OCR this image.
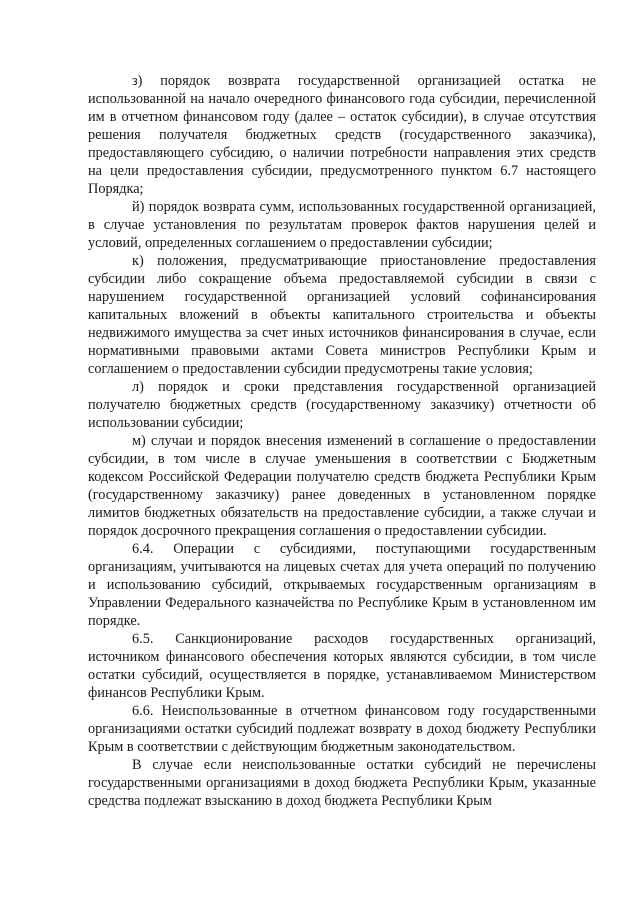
з) порядок возврата государственной организацией остатка не использованной на начало очередного финансового года субсидии, перечисленной им в отчетном финансовом году (далее – остаток субсидии), в случае отсутствия решения получателя бюджетных средств (государственного заказчика), предоставляющего субсидию, о наличии потребности направления этих средств на цели предоставления субсидии, предусмотренного пунктом 6.7 настоящего Порядка;

й) порядок возврата сумм, использованных государственной организацией, в случае установления по результатам проверок фактов нарушения целей и условий, определенных соглашением о предоставлении субсидии;

к) положения, предусматривающие приостановление предоставления субсидии либо сокращение объема предоставляемой субсидии в связи с нарушением государственной организацией условий софинансирования капитальных вложений в объекты капитального строительства и объекты недвижимого имущества за счет иных источников финансирования в случае, если нормативными правовыми актами Совета министров Республики Крым и соглашением о предоставлении субсидии предусмотрены такие условия;

л) порядок и сроки представления государственной организацией получателю бюджетных средств (государственному заказчику) отчетности об использовании субсидии;

м) случаи и порядок внесения изменений в соглашение о предоставлении субсидии, в том числе в случае уменьшения в соответствии с Бюджетным кодексом Российской Федерации получателю средств бюджета Республики Крым (государственному заказчику) ранее доведенных в установленном порядке лимитов бюджетных обязательств на предоставление субсидии, а также случаи и порядок досрочного прекращения соглашения о предоставлении субсидии.

6.4. Операции с субсидиями, поступающими государственным организациям, учитываются на лицевых счетах для учета операций по получению и использованию субсидий, открываемых государственным организациям в Управлении Федерального казначейства по Республике Крым в установленном им порядке.

6.5. Санкционирование расходов государственных организаций, источником финансового обеспечения которых являются субсидии, в том числе остатки субсидий, осуществляется в порядке, устанавливаемом Министерством финансов Республики Крым.

6.6. Неиспользованные в отчетном финансовом году государственными организациями остатки субсидий подлежат возврату в доход бюджету Республики Крым в соответствии с действующим бюджетным законодательством.

В случае если неиспользованные остатки субсидий не перечислены государственными организациями в доход бюджета Республики Крым, указанные средства подлежат взысканию в доход бюджета Республики Крым
